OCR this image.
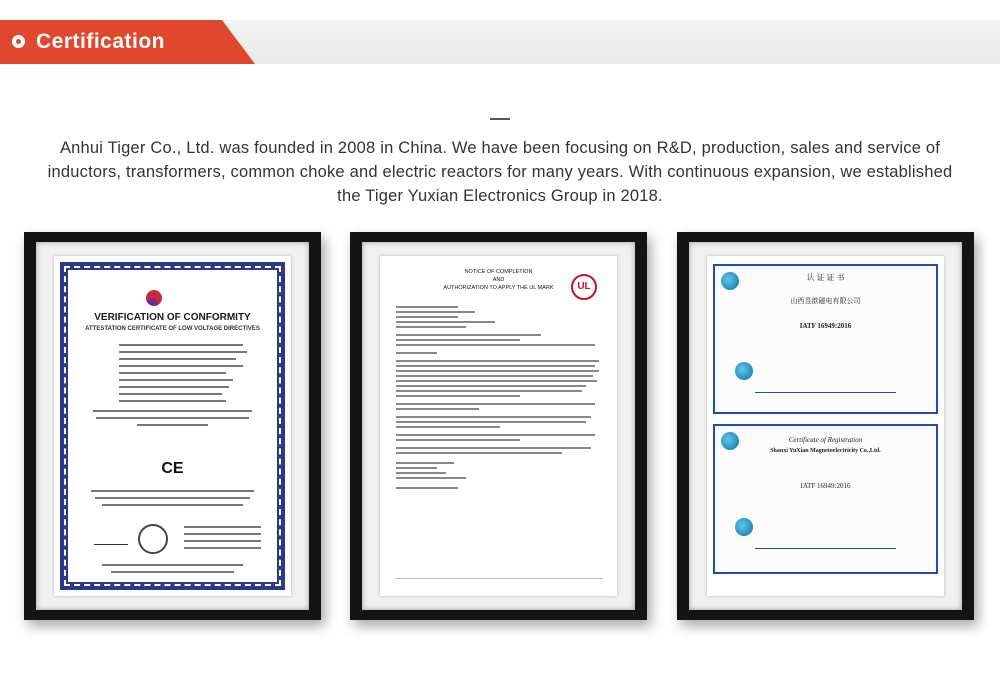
Certification
Anhui Tiger Co., Ltd. was founded in 2008 in China. We have been focusing on R&D, production, sales and service of inductors, transformers, common choke and electric reactors for many years. With continuous expansion, we established the Tiger Yuxian Electronics Group in 2018.
VERIFICATION OF CONFORMITY
ATTESTATION CERTIFICATE OF LOW VOLTAGE DIRECTIVES
CE
NOTICE OF COMPLETION
AND
AUTHORIZATION TO APPLY THE UL MARK	UL
认 证 证 书
山西昱歆磁电有限公司
IATF 16949:2016
Certificate of Registration
Shanxi YuXian Magnetoelectricity Co.,Ltd.
IATF 16949:2016
